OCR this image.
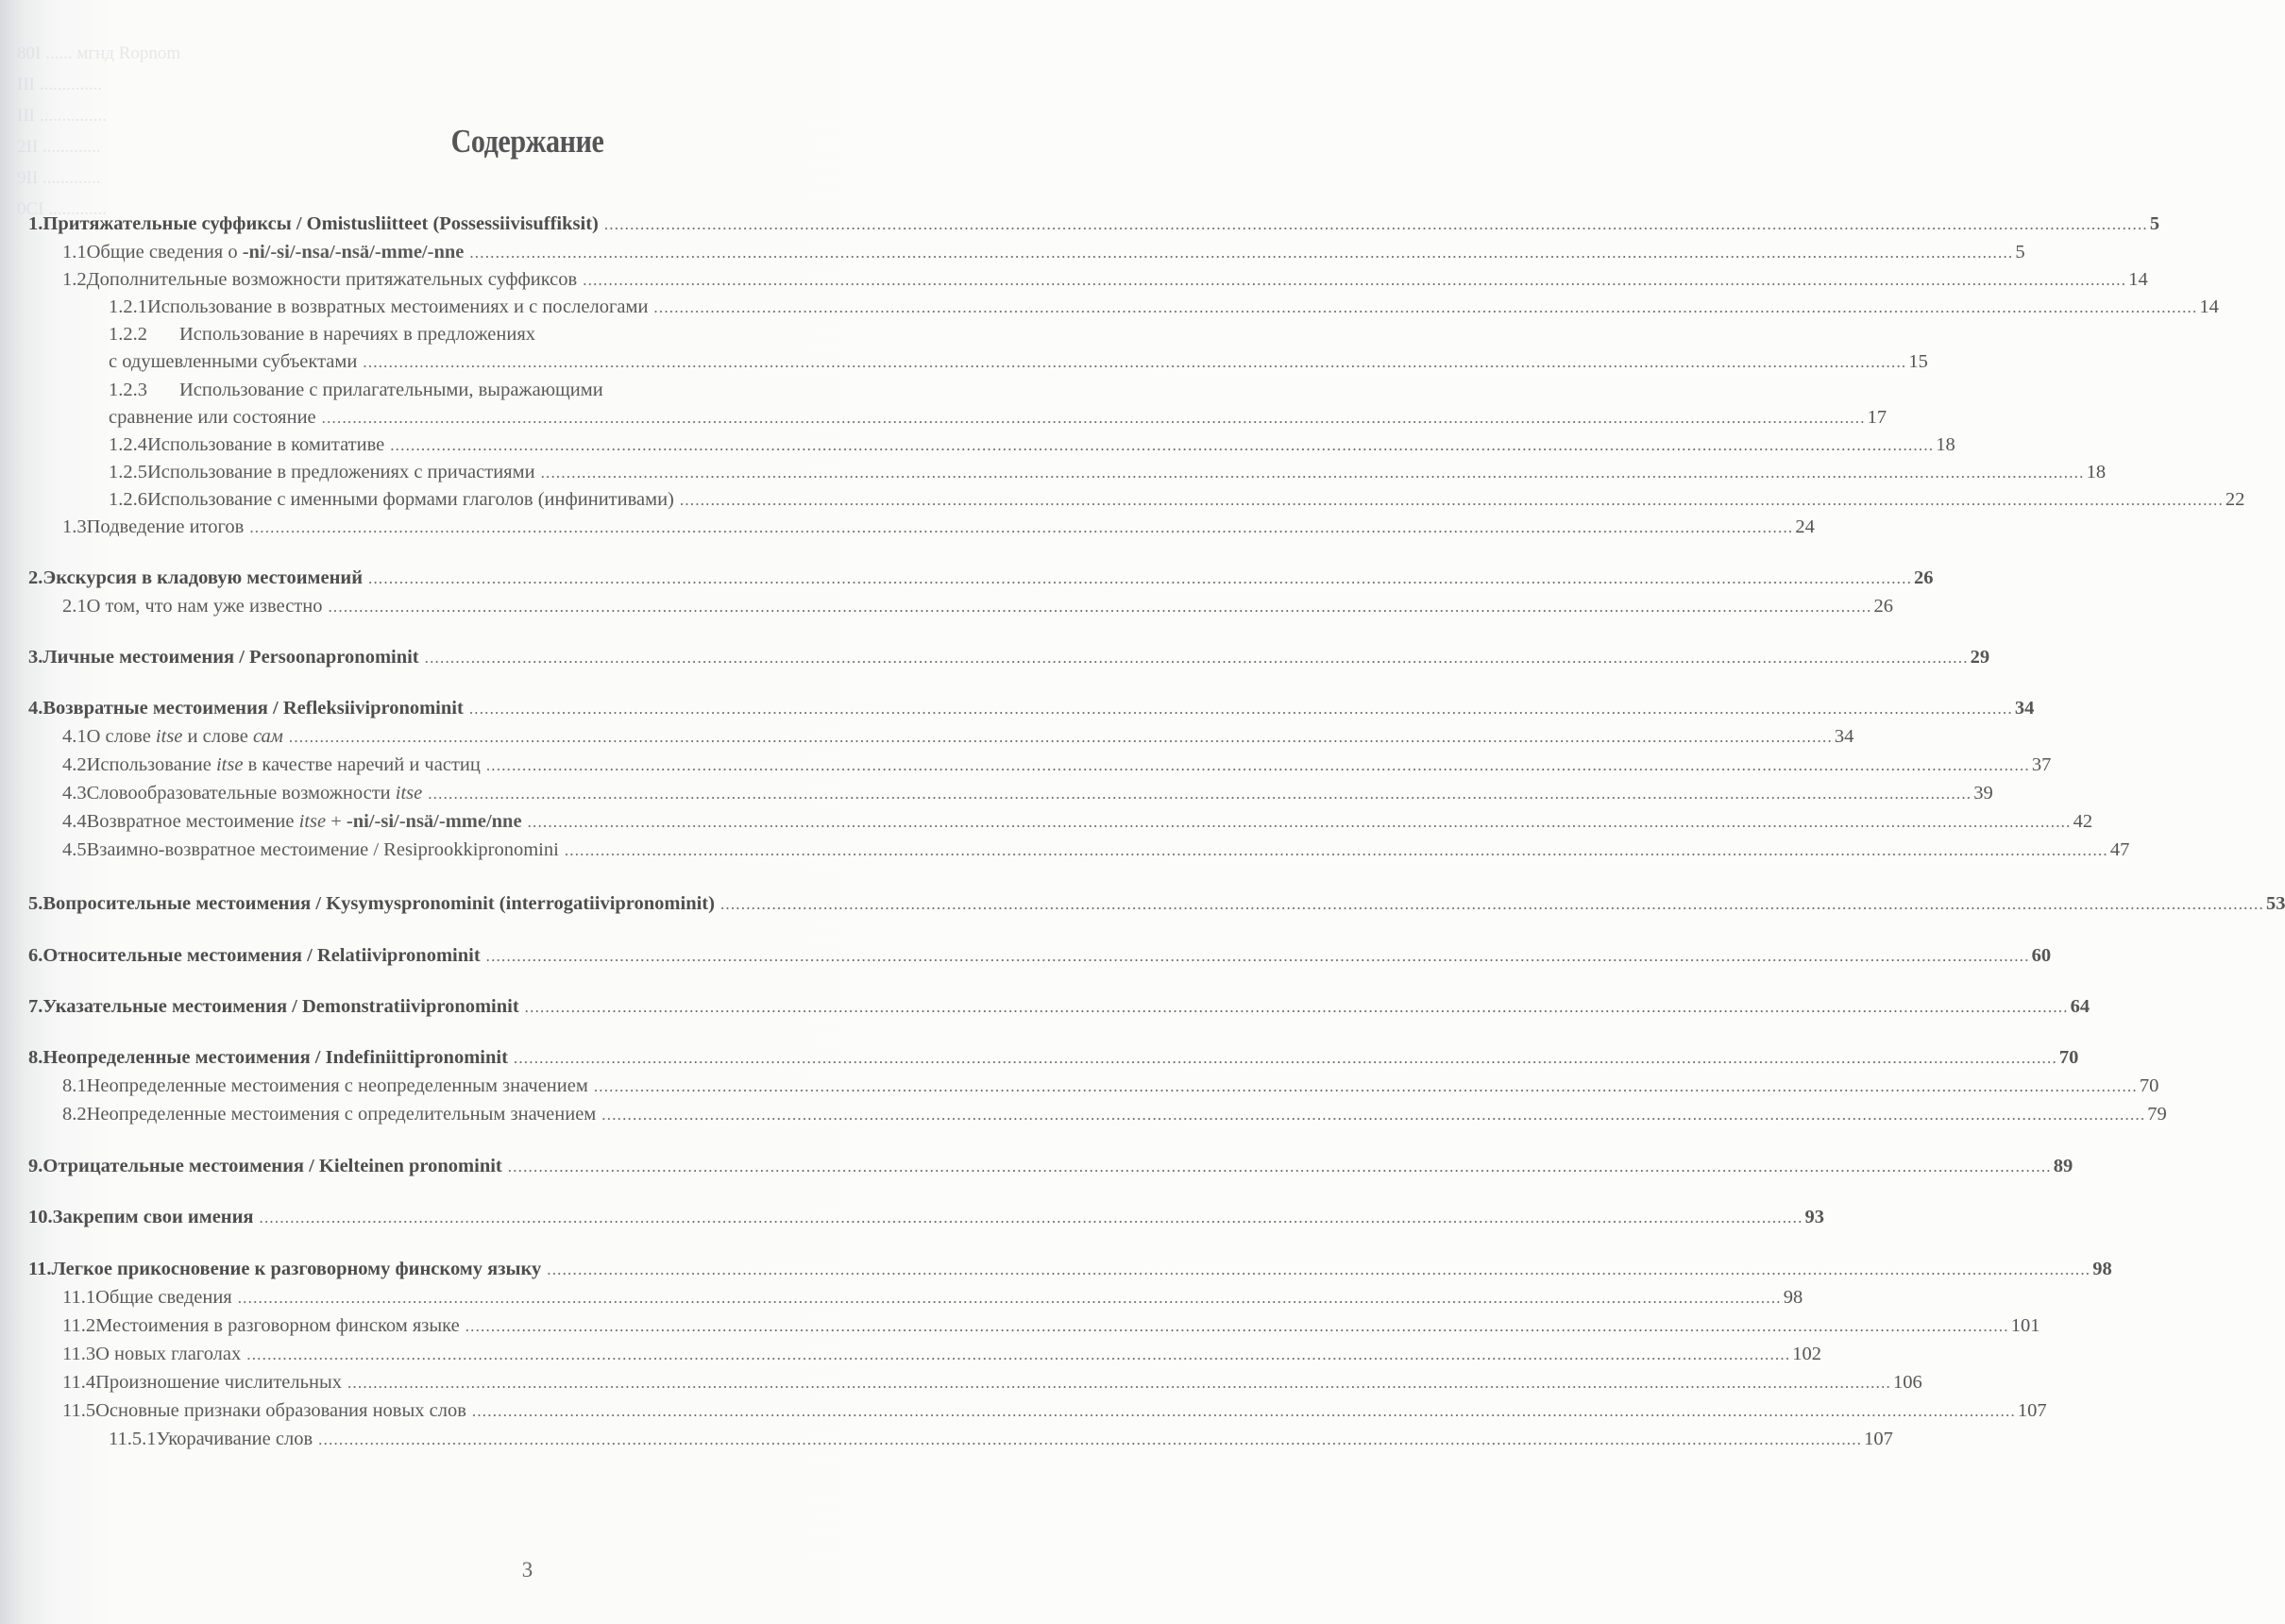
80I ...... мгнд Ropnom
III ..............
III ...............
2II .............
9II .............
0CI .............
Содержание
1. Притяжательные суффиксы / Omistusliitteet (Possessiivisuffiksit) ............................................................................................................................................................................................................................................................................................................ 5
1.1 Общие сведения о -ni/-si/-nsa/-nsä/-mme/-nne ............................................................................................................................................................................................................................................................................................................ 5
1.2 Дополнительные возможности притяжательных суффиксов ............................................................................................................................................................................................................................................................................................................ 14
1.2.1 Использование в возвратных местоимениях и с послелогами ............................................................................................................................................................................................................................................................................................................ 14
1.2.2	Использование в наречиях в предложениях
с одушевленными субъектами ............................................................................................................................................................................................................................................................................................................ 15
1.2.3	Использование с прилагательными, выражающими
сравнение или состояние ............................................................................................................................................................................................................................................................................................................ 17
1.2.4 Использование в комитативе ............................................................................................................................................................................................................................................................................................................ 18
1.2.5 Использование в предложениях с причастиями ............................................................................................................................................................................................................................................................................................................ 18
1.2.6 Использование с именными формами глаголов (инфинитивами) ............................................................................................................................................................................................................................................................................................................ 22
1.3 Подведение итогов ............................................................................................................................................................................................................................................................................................................ 24
2. Экскурсия в кладовую местоимений ............................................................................................................................................................................................................................................................................................................ 26
2.1 О том, что нам уже известно ............................................................................................................................................................................................................................................................................................................ 26
3. Личные местоимения / Persoonapronominit ............................................................................................................................................................................................................................................................................................................ 29
4. Возвратные местоимения / Refleksiivipronominit ............................................................................................................................................................................................................................................................................................................ 34
4.1 О слове itse и слове сам ............................................................................................................................................................................................................................................................................................................ 34
4.2 Использование itse в качестве наречий и частиц ............................................................................................................................................................................................................................................................................................................ 37
4.3 Словообразовательные возможности itse ............................................................................................................................................................................................................................................................................................................ 39
4.4 Возвратное местоимение itse + -ni/-si/-nsä/-mme/nne ............................................................................................................................................................................................................................................................................................................ 42
4.5 Взаимно-возвратное местоимение / Resiprookkipronomini ............................................................................................................................................................................................................................................................................................................ 47
5. Вопросительные местоимения / Kysymyspronominit (interrogatiivipronominit) ............................................................................................................................................................................................................................................................................................................ 53
6. Относительные местоимения / Relatiivipronominit ............................................................................................................................................................................................................................................................................................................ 60
7. Указательные местоимения / Demonstratiivipronominit ............................................................................................................................................................................................................................................................................................................ 64
8. Неопределенные местоимения / Indefiniittipronominit ............................................................................................................................................................................................................................................................................................................ 70
8.1 Неопределенные местоимения с неопределенным значением ............................................................................................................................................................................................................................................................................................................ 70
8.2 Неопределенные местоимения с определительным значением ............................................................................................................................................................................................................................................................................................................ 79
9. Отрицательные местоимения / Kielteinen pronominit ............................................................................................................................................................................................................................................................................................................ 89
10. Закрепим свои имения ............................................................................................................................................................................................................................................................................................................ 93
11. Легкое прикосновение к разговорному финскому языку ............................................................................................................................................................................................................................................................................................................ 98
11.1 Общие сведения ............................................................................................................................................................................................................................................................................................................ 98
11.2 Местоимения в разговорном финском языке ............................................................................................................................................................................................................................................................................................................ 101
11.3 О новых глаголах ............................................................................................................................................................................................................................................................................................................ 102
11.4 Произношение числительных ............................................................................................................................................................................................................................................................................................................ 106
11.5 Основные признаки образования новых слов ............................................................................................................................................................................................................................................................................................................ 107
11.5.1 Укорачивание слов ............................................................................................................................................................................................................................................................................................................ 107
3
